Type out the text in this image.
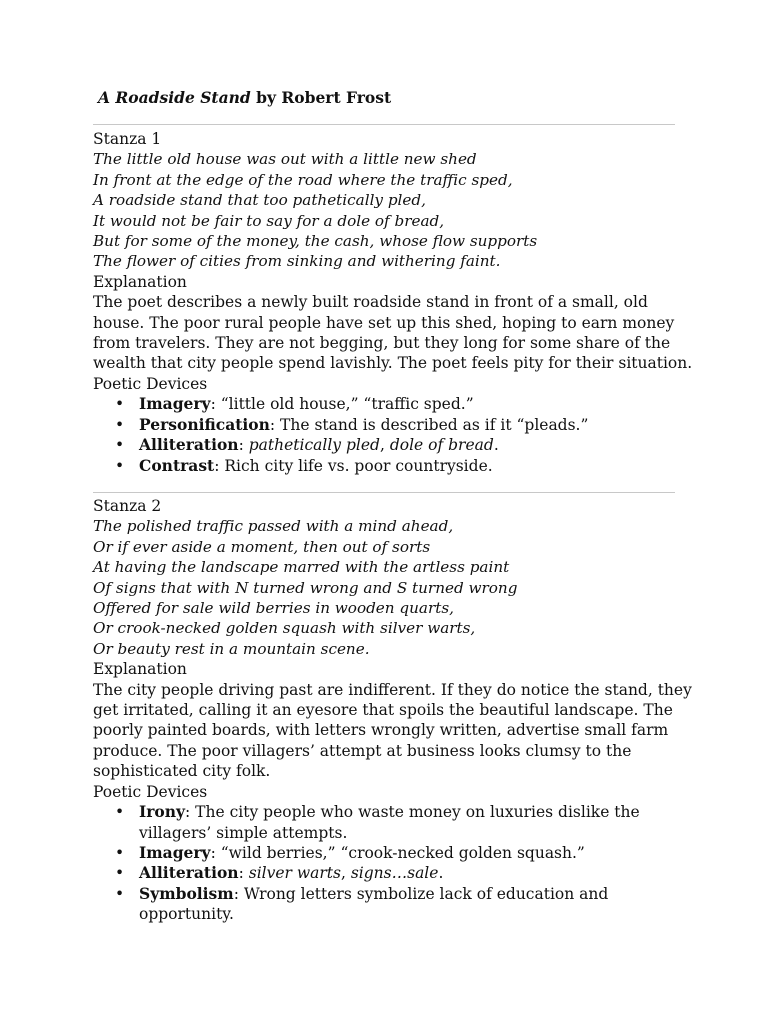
A Roadside Stand by Robert Frost
Stanza 1
The little old house was out with a little new shed
In front at the edge of the road where the traffic sped,
A roadside stand that too pathetically pled,
It would not be fair to say for a dole of bread,
But for some of the money, the cash, whose flow supports
The flower of cities from sinking and withering faint.
Explanation
The poet describes a newly built roadside stand in front of a small, old
house. The poor rural people have set up this shed, hoping to earn money
from travelers. They are not begging, but they long for some share of the
wealth that city people spend lavishly. The poet feels pity for their situation.
Poetic Devices
• Imagery: “little old house,” “traffic sped.”
• Personification: The stand is described as if it “pleads.”
• Alliteration: pathetically pled, dole of bread.
• Contrast: Rich city life vs. poor countryside.
Stanza 2
The polished traffic passed with a mind ahead,
Or if ever aside a moment, then out of sorts
At having the landscape marred with the artless paint
Of signs that with N turned wrong and S turned wrong
Offered for sale wild berries in wooden quarts,
Or crook-necked golden squash with silver warts,
Or beauty rest in a mountain scene.
Explanation
The city people driving past are indifferent. If they do notice the stand, they
get irritated, calling it an eyesore that spoils the beautiful landscape. The
poorly painted boards, with letters wrongly written, advertise small farm
produce. The poor villagers’ attempt at business looks clumsy to the
sophisticated city folk.
Poetic Devices
• Irony: The city people who waste money on luxuries dislike the
villagers’ simple attempts.
• Imagery: “wild berries,” “crook-necked golden squash.”
• Alliteration: silver warts, signs…sale.
• Symbolism: Wrong letters symbolize lack of education and
opportunity.
